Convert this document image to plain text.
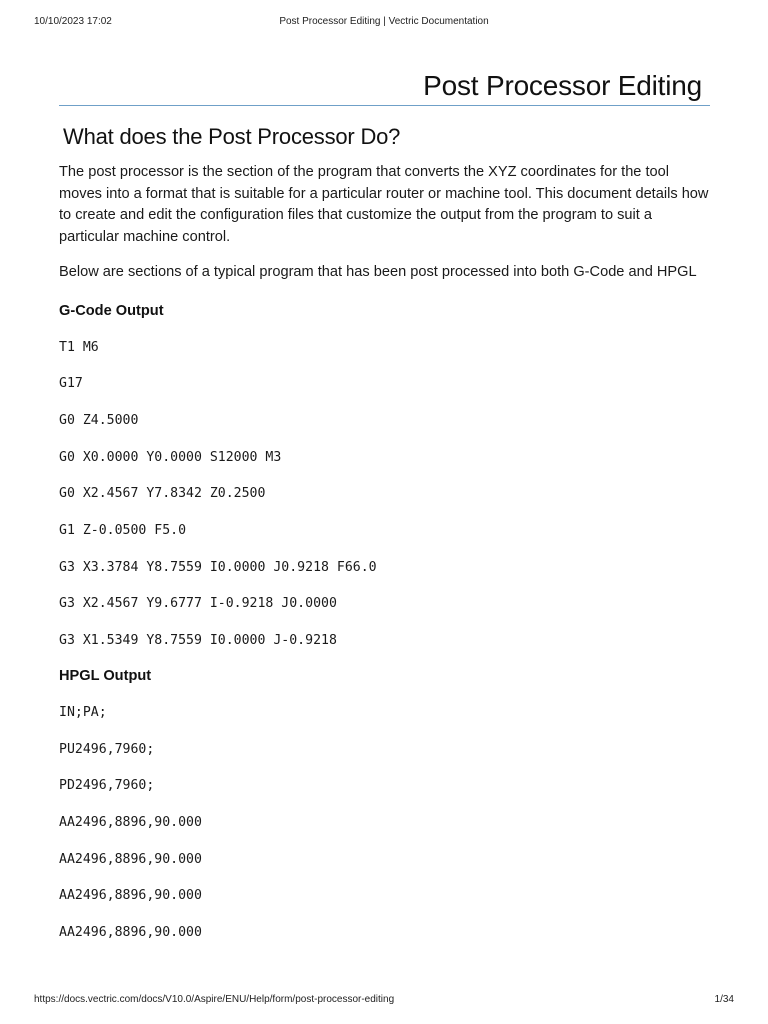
10/10/2023 17:02	Post Processor Editing | Vectric Documentation
Post Processor Editing
What does the Post Processor Do?

The post processor is the section of the program that converts the XYZ coordinates for the tool moves into a format that is suitable for a particular router or machine tool. This document details how to create and edit the configuration files that customize the output from the program to suit a particular machine control.

Below are sections of a typical program that has been post processed into both G-Code and HPGL

G-Code Output
T1 M6
G17
G0 Z4.5000
G0 X0.0000 Y0.0000 S12000 M3
G0 X2.4567 Y7.8342 Z0.2500
G1 Z-0.0500 F5.0
G3 X3.3784 Y8.7559 I0.0000 J0.9218 F66.0
G3 X2.4567 Y9.6777 I-0.9218 J0.0000
G3 X1.5349 Y8.7559 I0.0000 J-0.9218
HPGL Output
IN;PA;
PU2496,7960;
PD2496,7960;
AA2496,8896,90.000
AA2496,8896,90.000
AA2496,8896,90.000
AA2496,8896,90.000
https://docs.vectric.com/docs/V10.0/Aspire/ENU/Help/form/post-processor-editing	1/34
